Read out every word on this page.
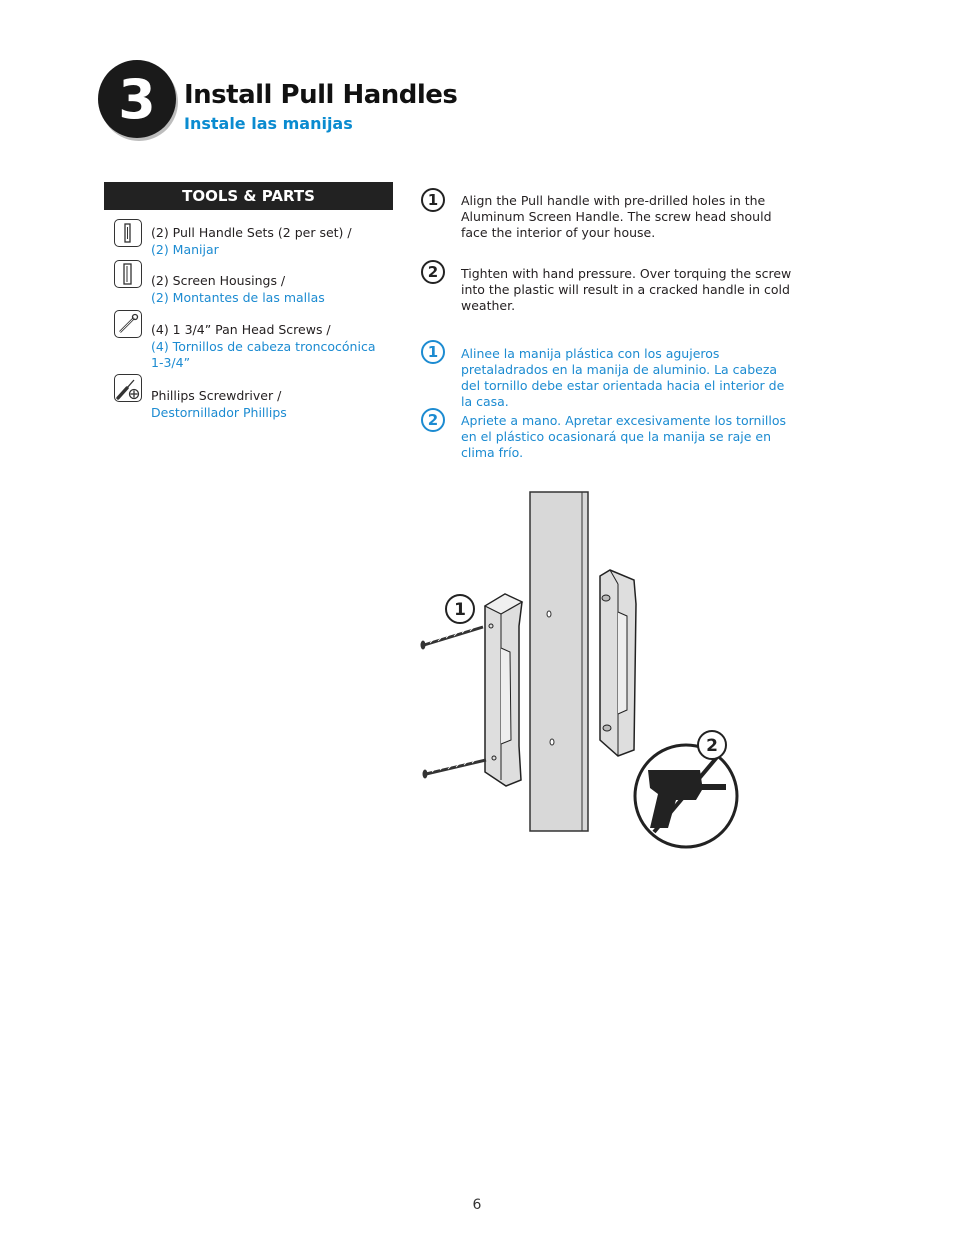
3	Install Pull Handles
Instale las manijas
TOOLS & PARTS
(2) Pull Handle Sets (2 per set) /
(2) Manijar
(2) Screen Housings /
(2) Montantes de las mallas
(4) 1 3/4” Pan Head Screws /
(4) Tornillos de cabeza troncocónica 1-3/4”
Phillips Screwdriver /
Destornillador Phillips
1	Align the Pull handle with pre-drilled holes in the Aluminum Screen Handle. The screw head should face the interior of your house.
2	Tighten with hand pressure. Over torquing the screw into the plastic will result in a cracked handle in cold weather.
1	Alinee la manija plástica con los agujeros pretaladrados en la manija de aluminio. La cabeza del tornillo debe estar orientada hacia el interior de la casa.
2	Apriete a mano. Apretar excesivamente los tornillos en el plástico ocasionará que la manija se raje en clima frío.
1
2
6
